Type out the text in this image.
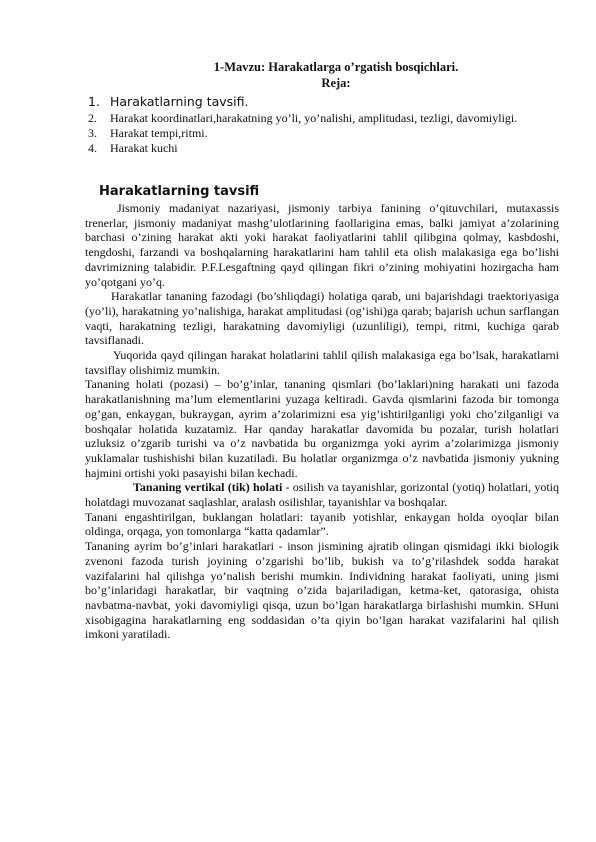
1-Mavzu: Harakatlarga o’rgatish bosqichlari.
Reja:
1. Harakatlarning tavsifi.
2. Harakat koordinatlari,harakatning yo’li, yo’nalishi, amplitudasi, tezligi, davomiyligi.
3. Harakat tempi,ritmi.
4. Harakat kuchi
Harakatlarning tavsifi

Jismoniy madaniyat nazariyasi, jismoniy tarbiya fanining o’qituvchilari, mutaxassis trenerlar, jismoniy madaniyat mashg’ulotlarining faollarigina emas, balki jamiyat a’zolarining barchasi o’zining harakat akti yoki harakat faoliyatlarini tahlil qilibgina qolmay, kasbdoshi, tengdoshi, farzandi va boshqalarning harakatlarini ham tahlil eta olish malakasiga ega bo’lishi davrimizning talabidir. P.F.Lesgaftning qayd qilingan fikri o’zining mohiyatini hozirgacha ham yo’qotgani yo’q.

Harakatlar tananing fazodagi (bo’shliqdagi) holatiga qarab, uni bajarishdagi traektoriyasiga (yo’li), harakatning yo’nalishiga, harakat amplitudasi (og’ishi)ga qarab; bajarish uchun sarflangan vaqti, harakatning tezligi, harakatning davomiyligi (uzunliligi), tempi, ritmi, kuchiga qarab tavsiflanadi.

Yuqorida qayd qilingan harakat holatlarini tahlil qilish malakasiga ega bo’lsak, harakatlarni tavsiflay olishimiz mumkin.

Tananing holati (pozasi) – bo’g’inlar, tananing qismlari (bo’laklari)ning harakati uni fazoda harakatlanishning ma’lum elementlarini yuzaga keltiradi. Gavda qismlarini fazoda bir tomonga og’gan, enkaygan, bukraygan, ayrim a’zolarimizni esa yig’ishtirilganligi yoki cho’zilganligi va boshqalar holatida kuzatamiz. Har qanday harakatlar davomida bu pozalar, turish holatlari uzluksiz o’zgarib turishi va o’z navbatida bu organizmga yoki ayrim a’zolarimizga jismoniy yuklamalar tushishishi bilan kuzatiladi. Bu holatlar organizmga o’z navbatida jismoniy yukning hajmini ortishi yoki pasayishi bilan kechadi.

Tananing vertikal (tik) holati - osilish va tayanishlar, gorizontal (yotiq) holatlari, yotiq holatdagi muvozanat saqlashlar, aralash osilishlar, tayanishlar va boshqalar.

Tanani engashtirilgan, buklangan holatlari: tayanib yotishlar, enkaygan holda oyoqlar bilan oldinga, orqaga, yon tomonlarga “katta qadamlar”.

Tananing ayrim bo’g’inlari harakatlari - inson jismining ajratib olingan qismidagi ikki biologik zvenoni fazoda turish joyining o’zgarishi bo’lib, bukish va to’g’rilashdek sodda harakat vazifalarini hal qilishga yo’nalish berishi mumkin. Individning harakat faoliyati, uning jismi bo’g’inlaridagi harakatlar, bir vaqtning o’zida bajariladigan, ketma-ket, qatorasiga, ohista navbatma-navbat, yoki davomiyligi qisqa, uzun bo’lgan harakatlarga birlashishi mumkin. SHuni xisobigagina harakatlarning eng soddasidan o’ta qiyin bo’lgan harakat vazifalarini hal qilish imkoni yaratiladi.
